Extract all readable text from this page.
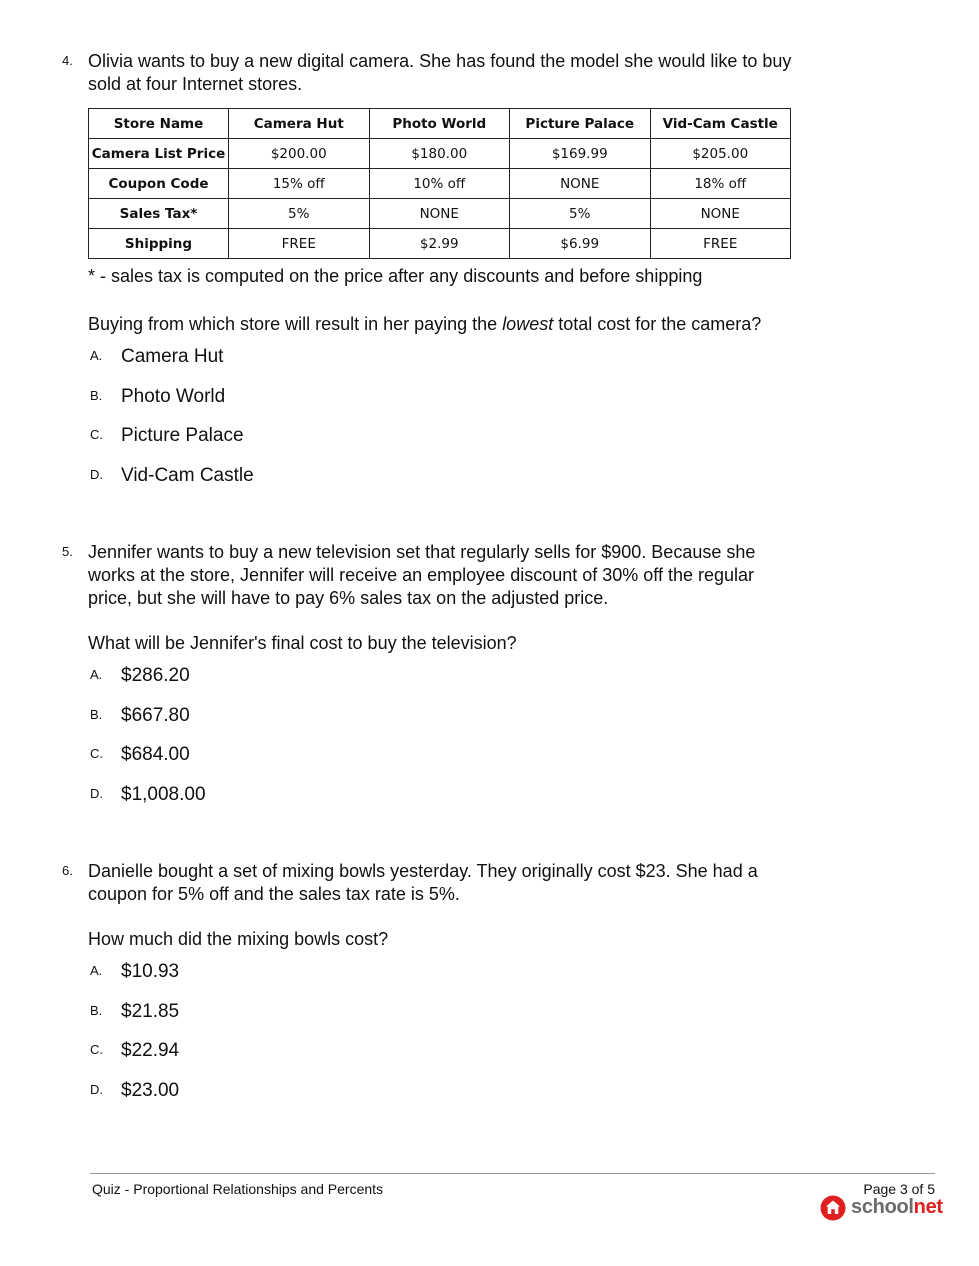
4. Olivia wants to buy a new digital camera. She has found the model she would like to buy sold at four Internet stores.

Store Name	Camera Hut	Photo World	Picture Palace	Vid-Cam Castle
Camera List Price	$200.00	$180.00	$169.99	$205.00
Coupon Code	15% off	10% off	NONE	18% off
Sales Tax*	5%	NONE	5%	NONE
Shipping	FREE	$2.99	$6.99	FREE
* - sales tax is computed on the price after any discounts and before shipping

Buying from which store will result in her paying the lowest total cost for the camera?

A. Camera Hut
B. Photo World
C. Picture Palace
D. Vid-Cam Castle
5. Jennifer wants to buy a new television set that regularly sells for $900. Because she works at the store, Jennifer will receive an employee discount of 30% off the regular price, but she will have to pay 6% sales tax on the adjusted price.

What will be Jennifer's final cost to buy the television?

A. $286.20
B. $667.80
C. $684.00
D. $1,008.00
6. Danielle bought a set of mixing bowls yesterday. They originally cost $23. She had a coupon for 5% off and the sales tax rate is 5%.

How much did the mixing bowls cost?

A. $10.93
B. $21.85
C. $22.94
D. $23.00
Quiz - Proportional Relationships and Percents	Page 3 of 5
schoolnet
